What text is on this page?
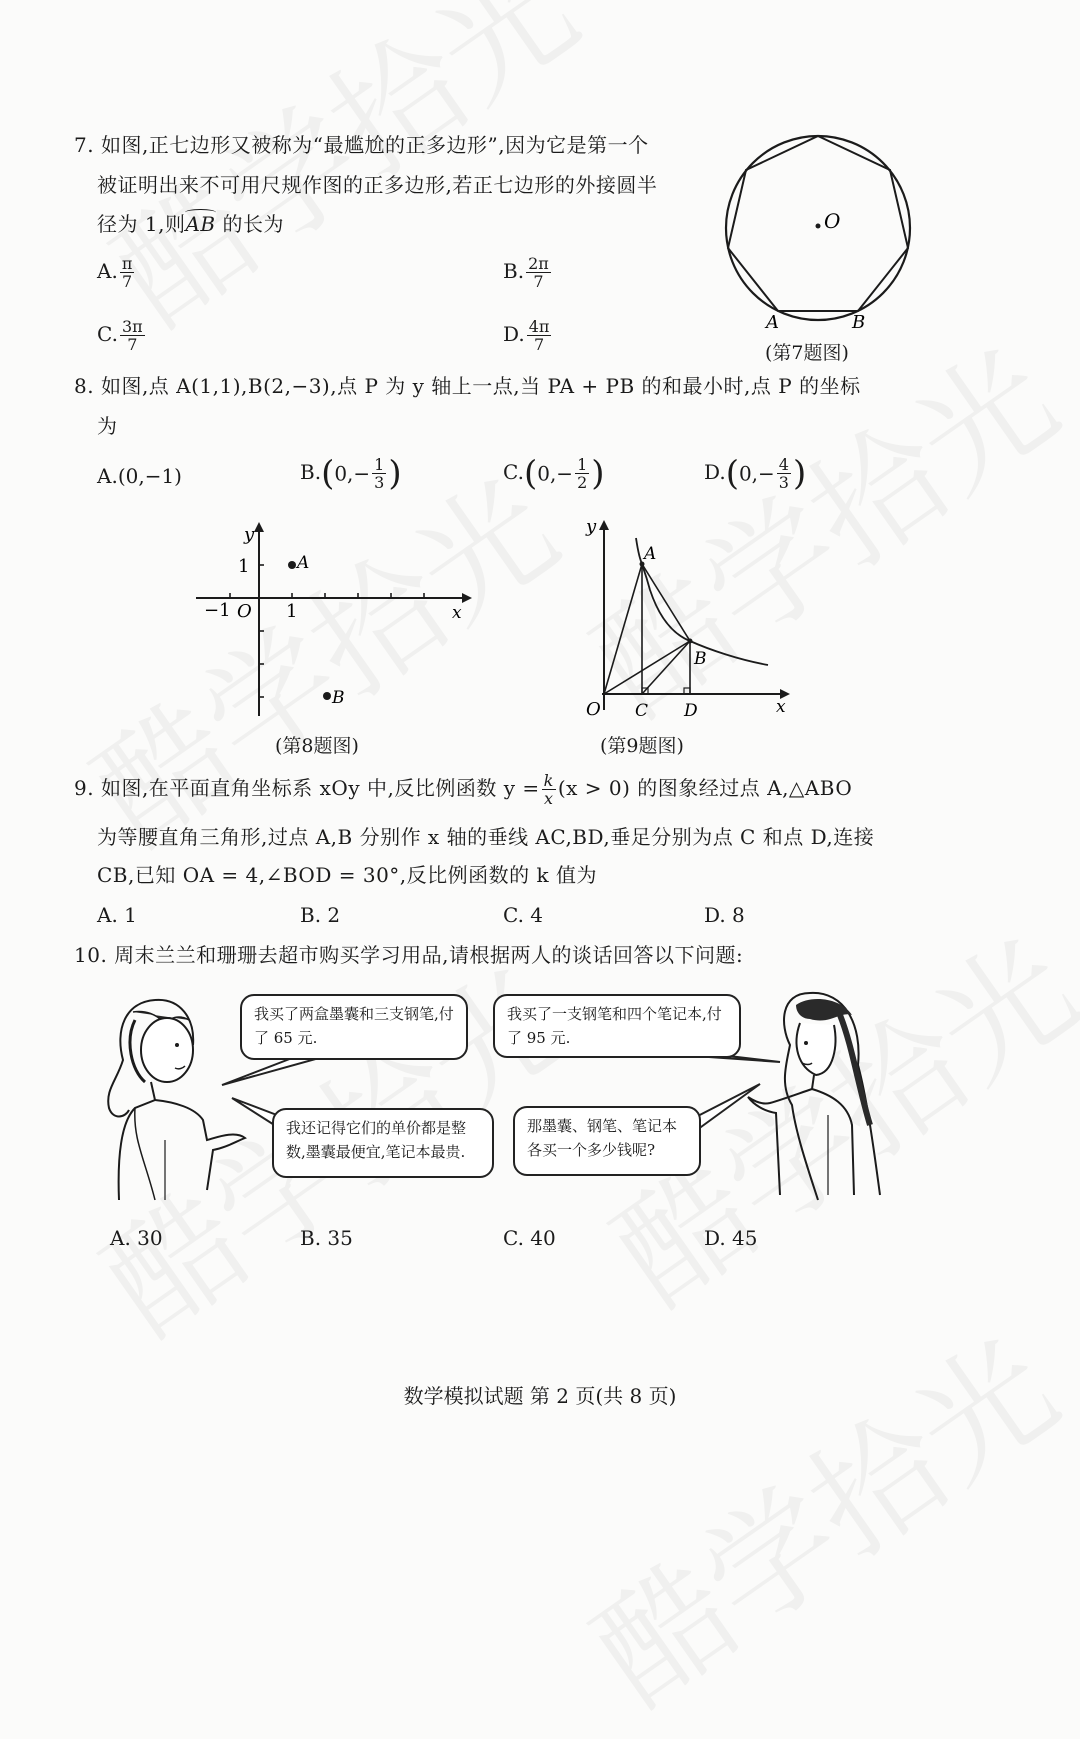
7. 如图,正七边形又被称为“最尴尬的正多边形”,因为它是第一个
被证明出来不可用尺规作图的正多边形,若正七边形的外接圆半
径为 1,则AB 的长为
A. $\frac{\pi}{7}$	B. $\frac{2\pi}{7}$
C. $\frac{3\pi}{7}$	D. $\frac{4\pi}{7}$
O
A	B
(第7题图)
8. 如图,点 A(1,1),B(2,−3),点 P 为 y 轴上一点,当 PA + PB 的和最小时,点 P 的坐标
为
A.(0,−1)	$B.(0,- \frac{1}{3}$ )	$C.(0,- \frac{1}{2}$ )	$D.(0,- \frac{4}{3}$ )
y
x
1
−1 O 1
A
B
(第8题图)
y
x
O
A
B
C D
(第9题图)
9. 如图,在平面直角坐标系 xOy 中,反比例函数 $y = \frac{k}{x} (x > 0)$ 的图象经过点 A,△ABO
为等腰直角三角形,过点 A,B 分别作 x 轴的垂线 AC,BD,垂足分别为点 C 和点 D,连接
CB,已知 OA = 4,∠BOD = 30°,反比例函数的 k 值为
A. 1	B. 2	C. 4	D. 8
10. 周末兰兰和珊珊去超市购买学习用品,请根据两人的谈话回答以下问题:
我买了两盒墨囊和三支钢笔,付了 65 元.
我还记得它们的单价都是整数,墨囊最便宜,笔记本最贵.
我买了一支钢笔和四个笔记本,付了 95 元.
那墨囊、钢笔、笔记本各买一个多少钱呢?
A. 30	B. 35	C. 40	D. 45
数学模拟试题 第 2 页(共 8 页)
